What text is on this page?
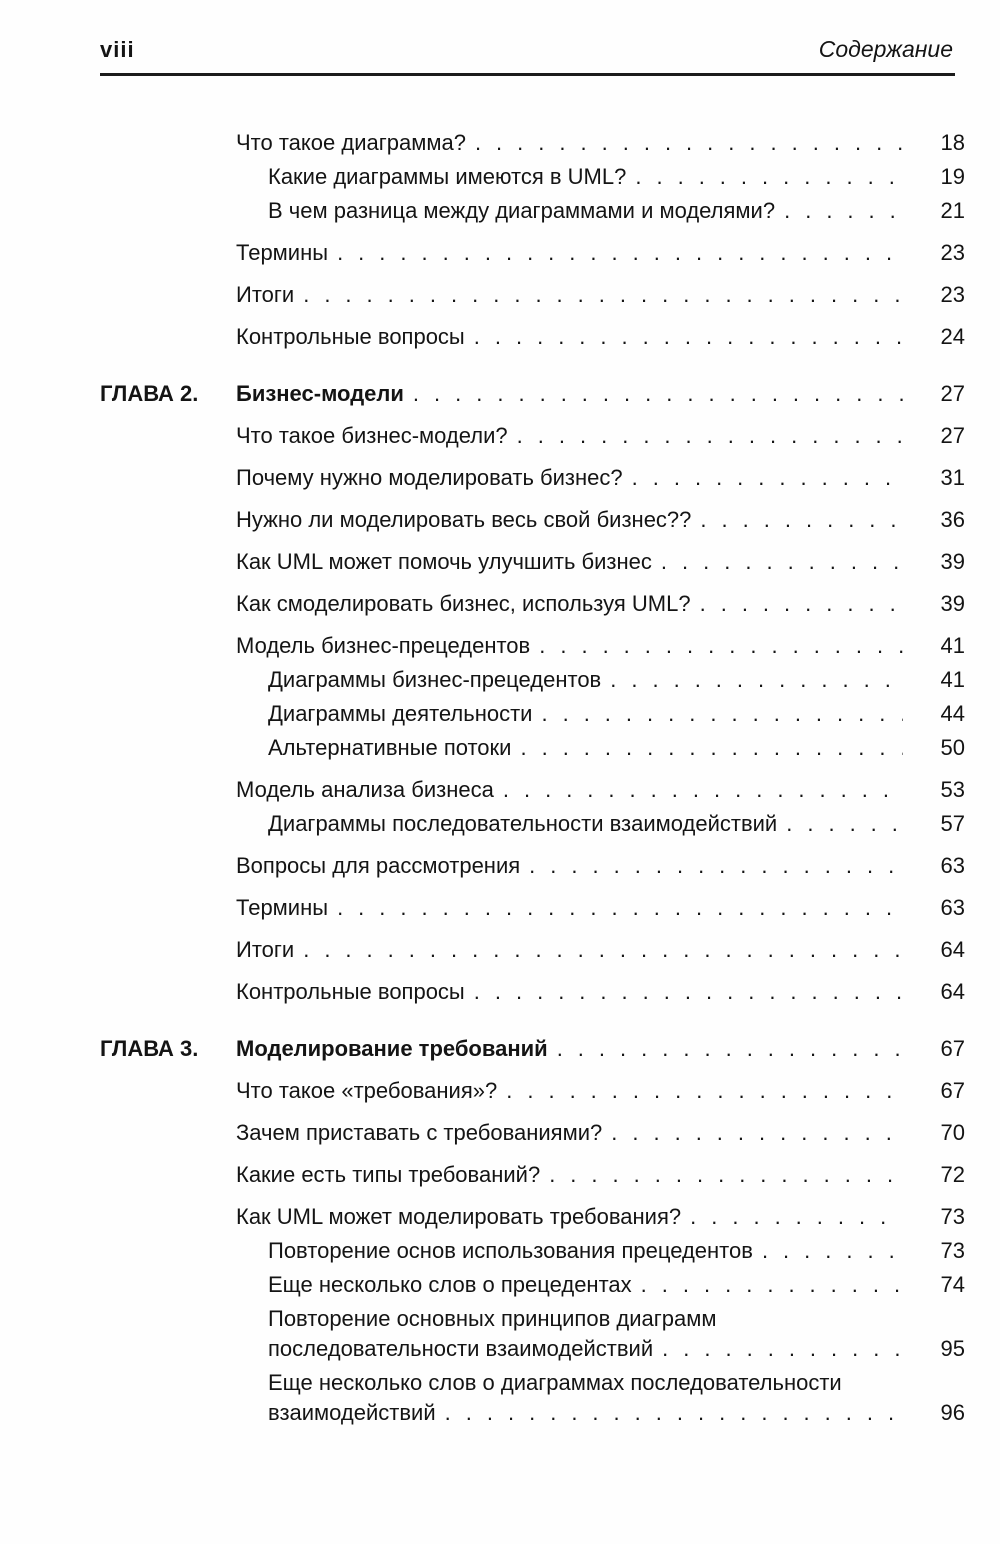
viii	Содержание
Что такое диаграмма? .....	18
Какие диаграммы имеются в UML? .....	19
В чем разница между диаграммами и моделями? .....	21
Термины .....	23
Итоги .....	23
Контрольные вопросы .....	24
ГЛАВА 2.	Бизнес-модели .....	27
Что такое бизнес-модели? .....	27
Почему нужно моделировать бизнес? .....	31
Нужно ли моделировать весь свой бизнес?? .....	36
Как UML может помочь улучшить бизнес .....	39
Как смоделировать бизнес, используя UML? .....	39
Модель бизнес-прецедентов .....	41
Диаграммы бизнес-прецедентов .....	41
Диаграммы деятельности .....	44
Альтернативные потоки .....	50
Модель анализа бизнеса .....	53
Диаграммы последовательности взаимодействий .....	57
Вопросы для рассмотрения .....	63
Термины .....	63
Итоги .....	64
Контрольные вопросы .....	64
ГЛАВА 3.	Моделирование требований .....	67
Что такое «требования»? .....	67
Зачем приставать с требованиями? .....	70
Какие есть типы требований? .....	72
Как UML может моделировать требования? .....	73
Повторение основ использования прецедентов .....	73
Еще несколько слов о прецедентах .....	74
Повторение основных принципов диаграмм
последовательности взаимодействий .....	95
Еще несколько слов о диаграммах последовательности
взаимодействий .....	96
